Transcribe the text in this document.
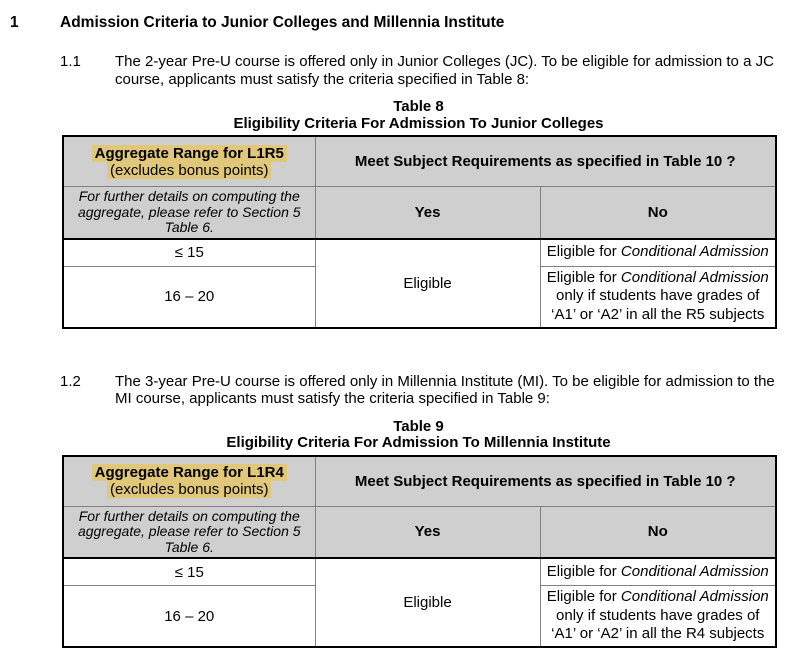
1	Admission Criteria to Junior Colleges and Millennia Institute
1.1	The 2-year Pre-U course is offered only in Junior Colleges (JC). To be eligible for admission to a JC course, applicants must satisfy the criteria specified in Table 8:
Table 8
Eligibility Criteria For Admission To Junior Colleges
Aggregate Range for L1R5
(excludes bonus points)	Meet Subject Requirements as specified in Table 10 ?	
For further details on computing the aggregate, please refer to Section 5 Table 6.	Yes	No
≤ 15	Eligible	Eligible for Conditional Admission
16 – 20		Eligible for Conditional Admission only if students have grades of ‘A1’ or ‘A2’ in all the R5 subjects
1.2	The 3-year Pre-U course is offered only in Millennia Institute (MI). To be eligible for admission to the MI course, applicants must satisfy the criteria specified in Table 9:
Table 9
Eligibility Criteria For Admission To Millennia Institute
Aggregate Range for L1R4
(excludes bonus points)	Meet Subject Requirements as specified in Table 10 ?	
For further details on computing the aggregate, please refer to Section 5 Table 6.	Yes	No
≤ 15	Eligible	Eligible for Conditional Admission
16 – 20		Eligible for Conditional Admission only if students have grades of ‘A1’ or ‘A2’ in all the R4 subjects
